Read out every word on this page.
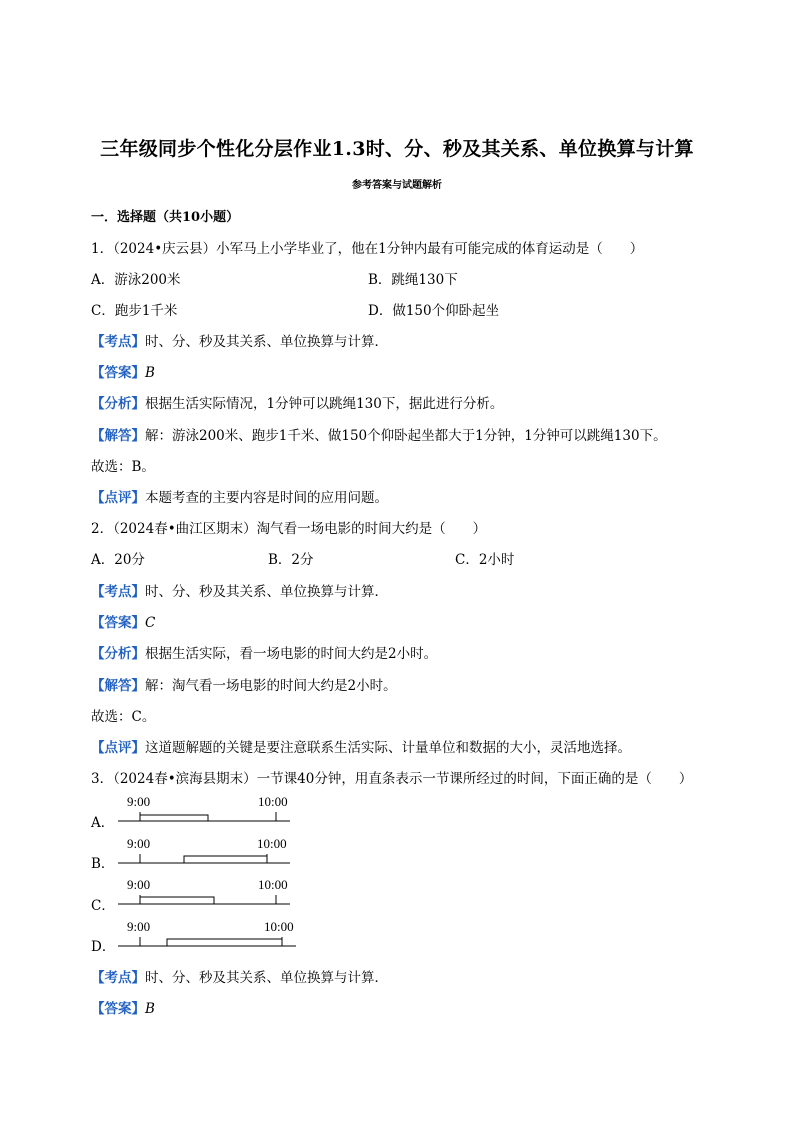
三年级同步个性化分层作业1.3时、分、秒及其关系、单位换算与计算
参考答案与试题解析
一．选择题（共10小题）
1．（2024•庆云县）小军马上小学毕业了，他在1分钟内最有可能完成的体育运动是（　　）
A．游泳200米	B．跳绳130下
C．跑步1千米	D．做150个仰卧起坐
【考点】时、分、秒及其关系、单位换算与计算．
【答案】B
【分析】根据生活实际情况，1分钟可以跳绳130下，据此进行分析。
【解答】解：游泳200米、跑步1千米、做150个仰卧起坐都大于1分钟，1分钟可以跳绳130下。
故选：B。
【点评】本题考查的主要内容是时间的应用问题。
2．（2024春•曲江区期末）淘气看一场电影的时间大约是（　　）
A．20分	B．2分	C．2小时
【考点】时、分、秒及其关系、单位换算与计算．
【答案】C
【分析】根据生活实际，看一场电影的时间大约是2小时。
【解答】解：淘气看一场电影的时间大约是2小时。
故选：C。
【点评】这道题解题的关键是要注意联系生活实际、计量单位和数据的大小，灵活地选择。
3．（2024春•滨海县期末）一节课40分钟，用直条表示一节课所经过的时间，下面正确的是（　　）
A．
B．
C．
D．
9:00	10:00
9:00	10:00
9:00	10:00
9:00	10:00
【考点】时、分、秒及其关系、单位换算与计算．
【答案】B
